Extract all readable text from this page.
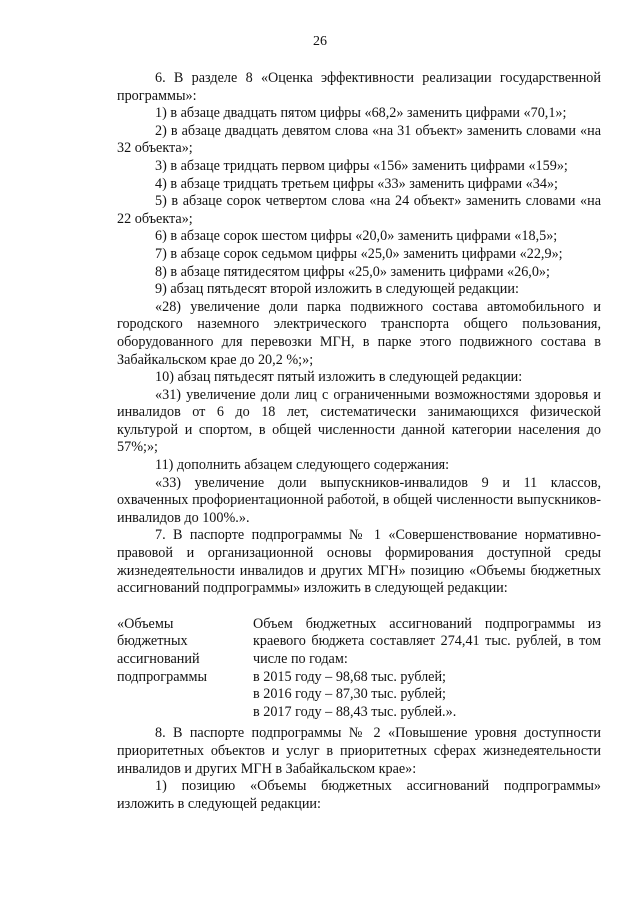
26

6. В разделе 8 «Оценка эффективности реализации государственной программы»:

1) в абзаце двадцать пятом цифры «68,2» заменить цифрами «70,1»;

2) в абзаце двадцать девятом слова «на 31 объект» заменить словами «на 32 объекта»;

3) в абзаце тридцать первом цифры «156» заменить цифрами «159»;

4) в абзаце тридцать третьем цифры «33» заменить цифрами «34»;

5) в абзаце сорок четвертом слова «на 24 объект» заменить словами «на 22 объекта»;

6) в абзаце сорок шестом цифры «20,0» заменить цифрами «18,5»;

7) в абзаце сорок седьмом цифры «25,0» заменить цифрами «22,9»;

8) в абзаце пятидесятом цифры «25,0» заменить цифрами «26,0»;

9) абзац пятьдесят второй изложить в следующей редакции:

«28) увеличение доли парка подвижного состава автомобильного и городского наземного электрического транспорта общего пользования, оборудованного для перевозки МГН, в парке этого подвижного состава в Забайкальском крае до 20,2 %;»;

10) абзац пятьдесят пятый изложить в следующей редакции:

«31) увеличение доли лиц с ограниченными возможностями здоровья и инвалидов от 6 до 18 лет, систематически занимающихся физической культурой и спортом, в общей численности данной категории населения до 57%;»;

11) дополнить абзацем следующего содержания:

«33) увеличение доли выпускников-инвалидов 9 и 11 классов, охваченных профориентационной работой, в общей численности выпускников-инвалидов до 100%.».

7. В паспорте подпрограммы № 1 «Совершенствование нормативно-правовой и организационной основы формирования доступной среды жизнедеятельности инвалидов и других МГН» позицию «Объемы бюджетных ассигнований подпрограммы» изложить в следующей редакции:

«Объемы
бюджетных
ассигнований
подпрограммы
Объем бюджетных ассигнований подпрограммы из
краевого бюджета составляет 274,41 тыс. рублей, в том
числе по годам:
в 2015 году – 98,68 тыс. рублей;
в 2016 году – 87,30 тыс. рублей;
в 2017 году – 88,43 тыс. рублей.».

8. В паспорте подпрограммы № 2 «Повышение уровня доступности приоритетных объектов и услуг в приоритетных сферах жизнедеятельности инвалидов и других МГН в Забайкальском крае»:

1) позицию «Объемы бюджетных ассигнований подпрограммы» изложить в следующей редакции:
